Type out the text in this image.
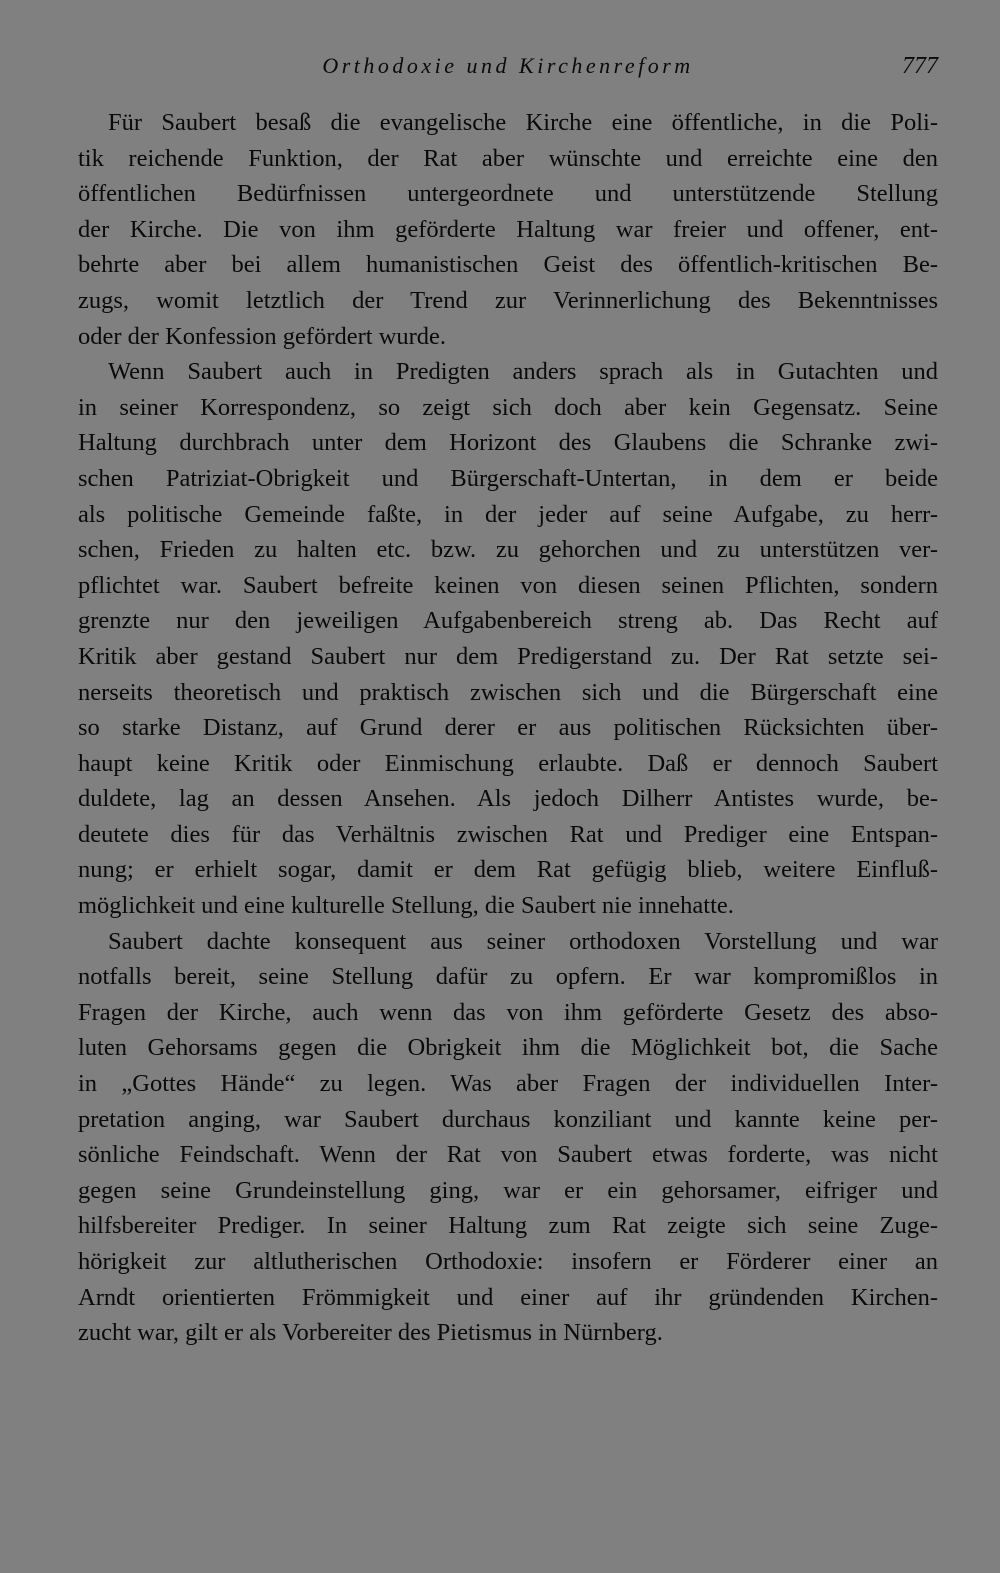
Orthodoxie und Kirchenreform	777
Für Saubert besaß die evangelische Kirche eine öffentliche, in die Poli-
tik reichende Funktion, der Rat aber wünschte und erreichte eine den
öffentlichen Bedürfnissen untergeordnete und unterstützende Stellung
der Kirche. Die von ihm geförderte Haltung war freier und offener, ent-
behrte aber bei allem humanistischen Geist des öffentlich-kritischen Be-
zugs, womit letztlich der Trend zur Verinnerlichung des Bekenntnisses
oder der Konfession gefördert wurde.
Wenn Saubert auch in Predigten anders sprach als in Gutachten und
in seiner Korrespondenz, so zeigt sich doch aber kein Gegensatz. Seine
Haltung durchbrach unter dem Horizont des Glaubens die Schranke zwi-
schen Patriziat-Obrigkeit und Bürgerschaft-Untertan, in dem er beide
als politische Gemeinde faßte, in der jeder auf seine Aufgabe, zu herr-
schen, Frieden zu halten etc. bzw. zu gehorchen und zu unterstützen ver-
pflichtet war. Saubert befreite keinen von diesen seinen Pflichten, sondern
grenzte nur den jeweiligen Aufgabenbereich streng ab. Das Recht auf
Kritik aber gestand Saubert nur dem Predigerstand zu. Der Rat setzte sei-
nerseits theoretisch und praktisch zwischen sich und die Bürgerschaft eine
so starke Distanz, auf Grund derer er aus politischen Rücksichten über-
haupt keine Kritik oder Einmischung erlaubte. Daß er dennoch Saubert
duldete, lag an dessen Ansehen. Als jedoch Dilherr Antistes wurde, be-
deutete dies für das Verhältnis zwischen Rat und Prediger eine Entspan-
nung; er erhielt sogar, damit er dem Rat gefügig blieb, weitere Einfluß-
möglichkeit und eine kulturelle Stellung, die Saubert nie innehatte.
Saubert dachte konsequent aus seiner orthodoxen Vorstellung und war
notfalls bereit, seine Stellung dafür zu opfern. Er war kompromißlos in
Fragen der Kirche, auch wenn das von ihm geförderte Gesetz des abso-
luten Gehorsams gegen die Obrigkeit ihm die Möglichkeit bot, die Sache
in „Gottes Hände“ zu legen. Was aber Fragen der individuellen Inter-
pretation anging, war Saubert durchaus konziliant und kannte keine per-
sönliche Feindschaft. Wenn der Rat von Saubert etwas forderte, was nicht
gegen seine Grundeinstellung ging, war er ein gehorsamer, eifriger und
hilfsbereiter Prediger. In seiner Haltung zum Rat zeigte sich seine Zuge-
hörigkeit zur altlutherischen Orthodoxie: insofern er Förderer einer an
Arndt orientierten Frömmigkeit und einer auf ihr gründenden Kirchen-
zucht war, gilt er als Vorbereiter des Pietismus in Nürnberg.
